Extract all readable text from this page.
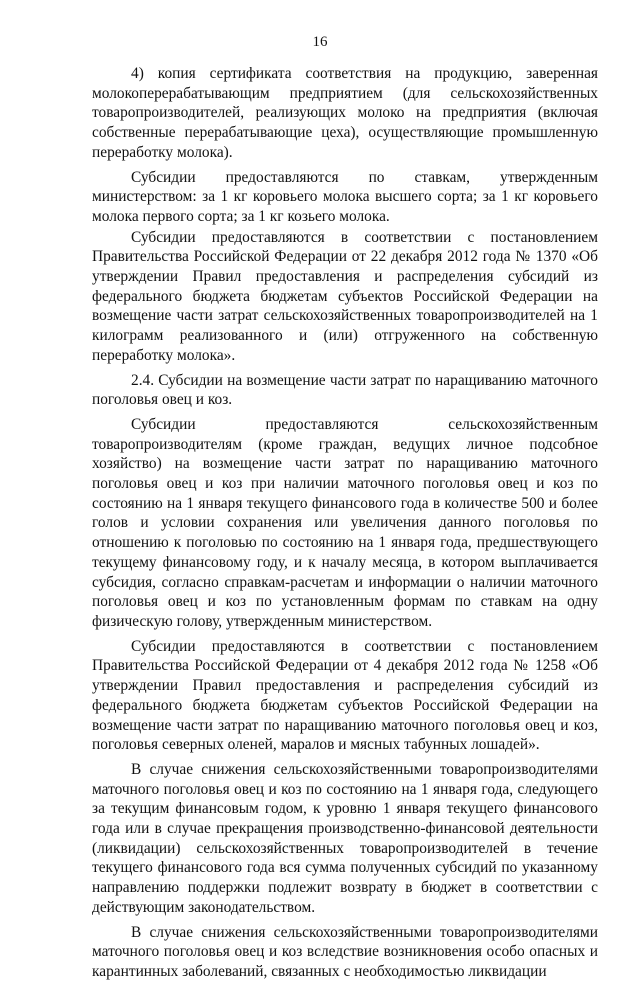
16

4) копия сертификата соответствия на продукцию, заверенная молокоперерабатывающим предприятием (для сельскохозяйственных товаропроизводителей, реализующих молоко на предприятия (включая собственные перерабатывающие цеха), осуществляющие промышленную переработку молока).

Субсидии предоставляются по ставкам, утвержденным министерством: за 1 кг коровьего молока высшего сорта; за 1 кг коровьего молока первого сорта; за 1 кг козьего молока.

Субсидии предоставляются в соответствии с постановлением Правительства Российской Федерации от 22 декабря 2012 года № 1370 «Об утверждении Правил предоставления и распределения субсидий из федерального бюджета бюджетам субъектов Российской Федерации на возмещение части затрат сельскохозяйственных товаропроизводителей на 1 килограмм реализованного и (или) отгруженного на собственную переработку молока».

2.4. Субсидии на возмещение части затрат по наращиванию маточного поголовья овец и коз.

Субсидии предоставляются сельскохозяйственным товаропроизводителям (кроме граждан, ведущих личное подсобное хозяйство) на возмещение части затрат по наращиванию маточного поголовья овец и коз при наличии маточного поголовья овец и коз по состоянию на 1 января текущего финансового года в количестве 500 и более голов и условии сохранения или увеличения данного поголовья по отношению к поголовью по состоянию на 1 января года, предшествующего текущему финансовому году, и к началу месяца, в котором выплачивается субсидия, согласно справкам-расчетам и информации о наличии маточного поголовья овец и коз по установленным формам по ставкам на одну физическую голову, утвержденным министерством.

Субсидии предоставляются в соответствии с постановлением Правительства Российской Федерации от 4 декабря 2012 года № 1258 «Об утверждении Правил предоставления и распределения субсидий из федерального бюджета бюджетам субъектов Российской Федерации на возмещение части затрат по наращиванию маточного поголовья овец и коз, поголовья северных оленей, маралов и мясных табунных лошадей».

В случае снижения сельскохозяйственными товаропроизводителями маточного поголовья овец и коз по состоянию на 1 января года, следующего за текущим финансовым годом, к уровню 1 января текущего финансового года или в случае прекращения производственно-финансовой деятельности (ликвидации) сельскохозяйственных товаропроизводителей в течение текущего финансового года вся сумма полученных субсидий по указанному направлению поддержки подлежит возврату в бюджет в соответствии с действующим законодательством.

В случае снижения сельскохозяйственными товаропроизводителями маточного поголовья овец и коз вследствие возникновения особо опасных и карантинных заболеваний, связанных с необходимостью ликвидации
